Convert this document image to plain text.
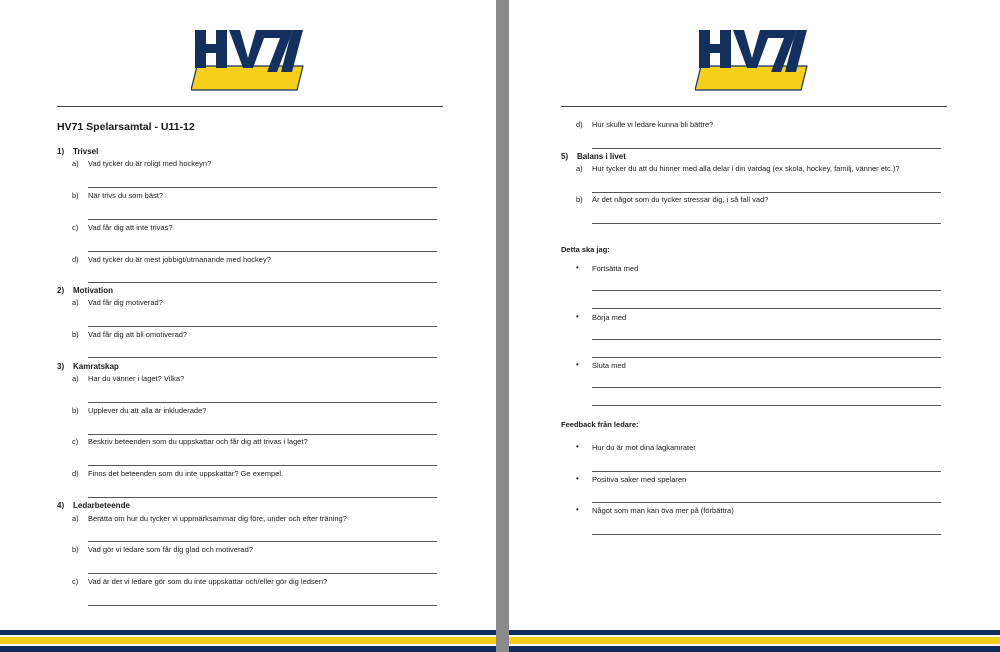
HV71 Spelarsamtal - U11-12
1) Trivsel
a) Vad tycker du är roligt med hockeyn?
b) När trivs du som bäst?
c) Vad får dig att inte trivas?
d) Vad tycker du är mest jobbigt/utmanande med hockey?
2) Motivation
a) Vad får dig motiverad?
b) Vad får dig att bli omotiverad?
3) Kamratskap
a) Har du vänner i laget? Vilka?
b) Upplever du att alla är inkluderade?
c) Beskriv beteenden som du uppskattar och får dig att trivas i laget?
d) Finns det beteenden som du inte uppskattar? Ge exempel.
4) Ledarbeteende
a) Berätta om hur du tycker vi uppmärksammar dig före, under och efter träning?
b) Vad gör vi ledare som får dig glad och motiverad?
c) Vad är det vi ledare gör som du inte uppskattar och/eller gör dig ledsen?
d) Hur skulle vi ledare kunna bli bättre?
5) Balans i livet
a) Hur tycker du att du hinner med alla delar i din vardag (ex skola, hockey, familj, vänner etc.)?
b) Är det något som du tycker stressar dig, i så fall vad?
Detta ska jag:
• Fortsätta med
• Börja med
• Sluta med
Feedback från ledare:
• Hur du är mot dina lagkamrater
• Positiva saker med spelaren
• Något som man kan öva mer på (förbättra)
